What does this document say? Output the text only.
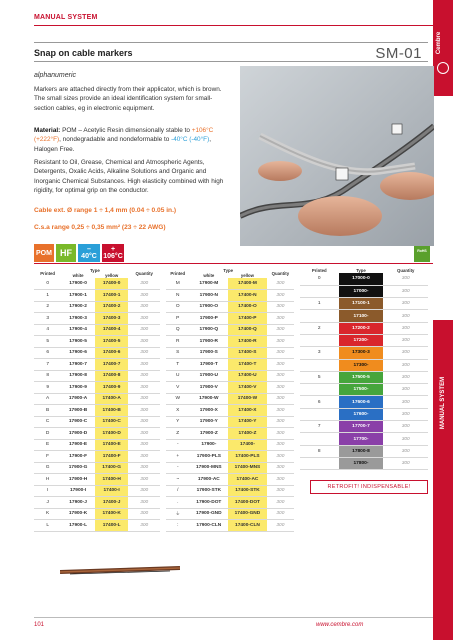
MANUAL SYSTEM
Cembre
Snap on cable markers	SM-01
alphanumeric
Markers are attached directly from their applicator, which is brown. The small sizes provide an ideal identification system for small-section cables, eg in electronic equipment.
Material: POM – Acetylic Resin dimensionally stable to +106°C (+222°F), nondegradable and nondeformable to -40°C (-40°F), Halogen Free.
Resistant to Oil, Grease, Chemical and Atmospheric Agents, Detergents, Oxalic Acids, Alkaline Solutions and Organic and Inorganic Chemical Substances. High elasticity combined with high rigidity, for optimal grip on the conductor.
Cable ext. Ø range 1 ÷ 1,4 mm (0.04 ÷ 0.05 in.)
C.s.a range 0,25 ÷ 0,35 mm² (23 ÷ 22 AWG)
POM HF	–
40°C
+
106°C
RoHS
Printed	Type		Quantity
	white	yellow	
0	17900-0	17400-0	300
1	17900-1	17400-1	300
2	17900-2	17400-2	300
3	17900-3	17400-3	300
4	17900-4	17400-4	300
5	17900-5	17400-5	300
6	17900-6	17400-6	300
7	17900-7	17400-7	300
8	17900-8	17400-8	300
9	17900-9	17400-9	300
A	17900-A	17400-A	300
B	17900-B	17400-B	300
C	17900-C	17400-C	300
D	17900-D	17400-D	300
E	17900-E	17400-E	300
F	17900-F	17400-F	300
G	17900-G	17400-G	300
H	17900-H	17400-H	300
I	17900-I	17400-I	300
J	17900-J	17400-J	300
K	17900-K	17400-K	300
L	17900-L	17400-L	300
Printed	Type		Quantity
	white	yellow	
M	17900-M	17400-M	300
N	17900-N	17400-N	300
O	17900-O	17400-O	300
P	17900-P	17400-P	300
Q	17900-Q	17400-Q	300
R	17900-R	17400-R	300
S	17900-S	17400-S	300
T	17900-T	17400-T	300
U	17900-U	17400-U	300
V	17900-V	17400-V	300
W	17900-W	17400-W	300
X	17900-X	17400-X	300
Y	17900-Y	17400-Y	300
Z	17900-Z	17400-Z	300
-	17900-	17400-	300
+	17900-PLS	17400-PLS	300
-	17900-MNS	17400-MNS	300
~	17900-AC	17400-AC	300
/	17900-STK	17400-STK	300
.	17900-DOT	17400-DOT	300
⏚	17900-GND	17400-GND	300
:	17900-CLN	17400-CLN	300
Printed	Type	Quantity
0	17000-0	300
	17000-	300
1	17100-1	300
	17100-	300
2	17200-2	300
	17200-	300
3	17300-3	300
	17300-	300
5	17500-5	300
	17500-	300
6	17600-6	300
	17600-	300
7	17700-7	300
	17700-	300
8	17800-8	300
	17800-	300
RETROFIT! INDISPENSABLE!
MANUAL SYSTEM
101	www.cembre.com
